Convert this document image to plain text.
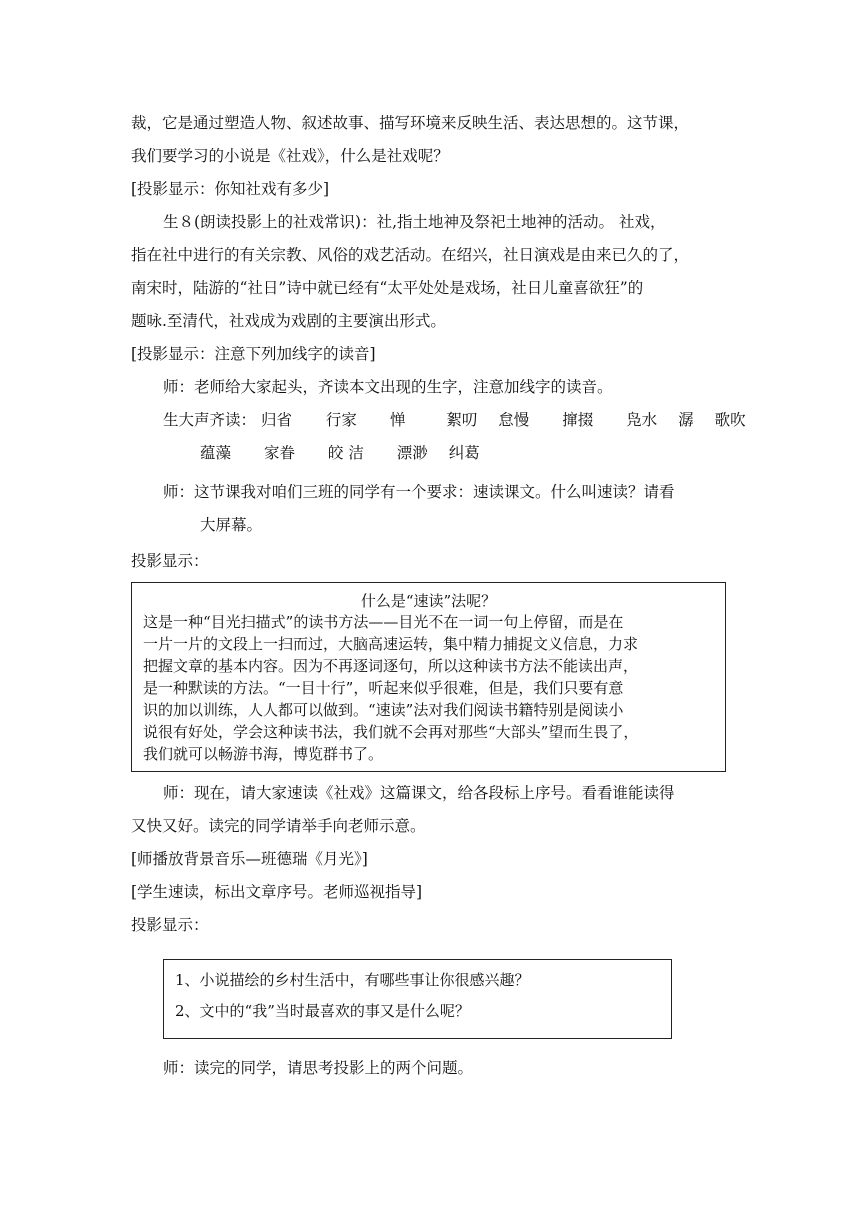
裁，它是通过塑造人物、叙述故事、描写环境来反映生活、表达思想的。这节课，
我们要学习的小说是《社戏》，什么是社戏呢？
[投影显示：你知社戏有多少]
生８(朗读投影上的社戏常识)：社,指土地神及祭祀土地神的活动。 社戏，
指在社中进行的有关宗教、风俗的戏艺活动。在绍兴，社日演戏是由来已久的了，
南宋时，陆游的“社日”诗中就已经有“太平处处是戏场，社日儿童喜欲狂”的
题咏.至清代，社戏成为戏剧的主要演出形式。
[投影显示：注意下列加线字的读音]
师：老师给大家起头，齐读本文出现的生字，注意加线字的读音。
生大声齐读： 归省 行家 惮	絮叨 怠慢 撺掇 凫水 潺 歌吹
蕴藻 家眷 皎 洁 漂渺 纠葛
师：这节课我对咱们三班的同学有一个要求：速读课文。什么叫速读？请看
大屏幕。
投影显示：
什么是“速读”法呢？
这是一种“目光扫描式”的读书方法——目光不在一词一句上停留，而是在
一片一片的文段上一扫而过，大脑高速运转，集中精力捕捉文义信息，力求
把握文章的基本内容。因为不再逐词逐句，所以这种读书方法不能读出声，
是一种默读的方法。“一目十行”，听起来似乎很难，但是，我们只要有意
识的加以训练，人人都可以做到。“速读”法对我们阅读书籍特别是阅读小
说很有好处，学会这种读书法，我们就不会再对那些“大部头”望而生畏了，
我们就可以畅游书海，博览群书了。
师：现在，请大家速读《社戏》这篇课文，给各段标上序号。看看谁能读得
又快又好。读完的同学请举手向老师示意。
[师播放背景音乐—班德瑞《月光》]
[学生速读，标出文章序号。老师巡视指导]
投影显示：
1、小说描绘的乡村生活中，有哪些事让你很感兴趣？
2、文中的“我”当时最喜欢的事又是什么呢？
师：读完的同学，请思考投影上的两个问题。
